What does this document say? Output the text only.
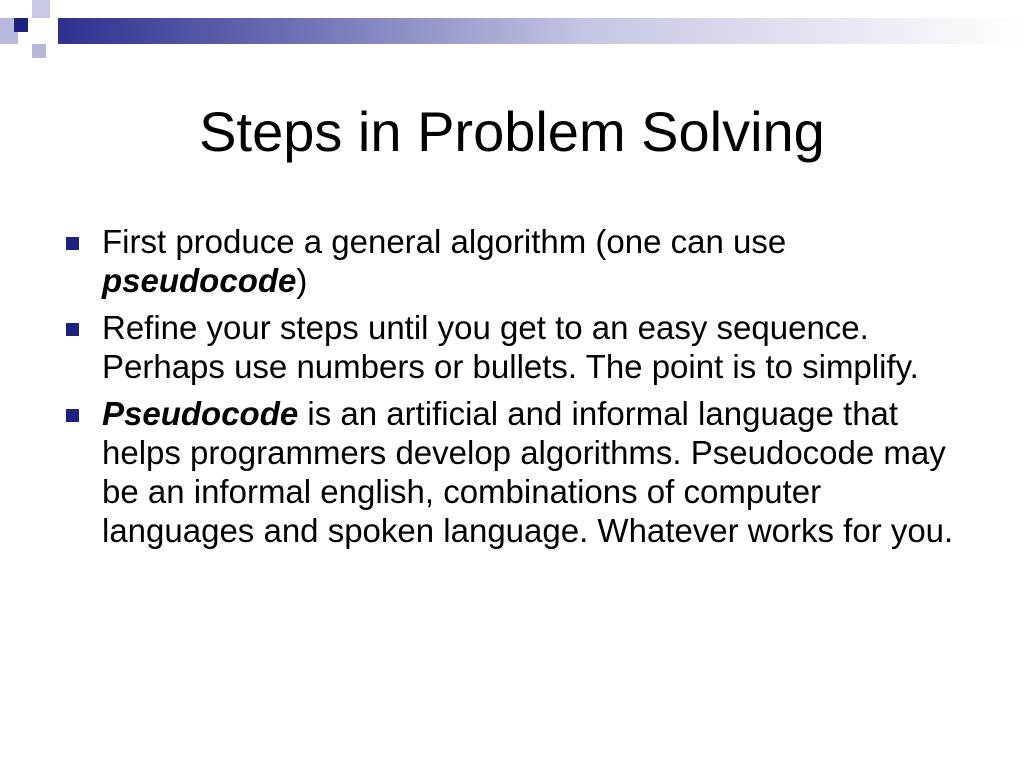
Steps in Problem Solving
First produce a general algorithm (one can use pseudocode)
Refine your steps until you get to an easy sequence. Perhaps use numbers or bullets. The point is to simplify.
Pseudocode is an artificial and informal language that helps programmers develop algorithms. Pseudocode may be an informal english, combinations of computer languages and spoken language. Whatever works for you.
